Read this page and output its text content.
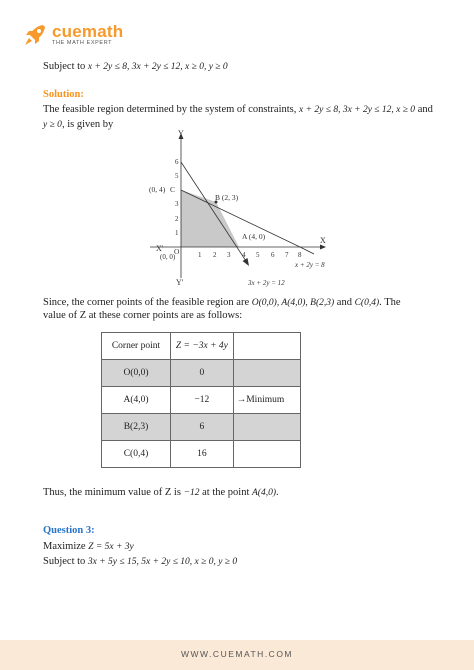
cuemath
THE MATH EXPERT
Subject to x + 2y ≤ 8, 3x + 2y ≤ 12, x ≥ 0, y ≥ 0
Solution:
The feasible region determined by the system of constraints, x + 2y ≤ 8, 3x + 2y ≤ 12, x ≥ 0 and
y ≥ 0, is given by
X'
X
Y
Y'
O
(0, 0)	1 2 3 4 5 6 7 8
1
2
3
5
6
(0, 4) C
B (2, 3)
A (4, 0)
x + 2y = 8
3x + 2y = 12
Since, the corner points of the feasible region are O(0,0), A(4,0), B(2,3) and C(0,4). The
value of Z at these corner points are as follows:
Corner point	Z = −3x + 4y	
O(0,0)	0	
A(4,0)	−12	→Minimum
B(2,3)	6	
C(0,4)	16	
Thus, the minimum value of Z is −12 at the point A(4,0).
Question 3:
Maximize Z = 5x + 3y
Subject to 3x + 5y ≤ 15, 5x + 2y ≤ 10, x ≥ 0, y ≥ 0
WWW.CUEMATH.COM
